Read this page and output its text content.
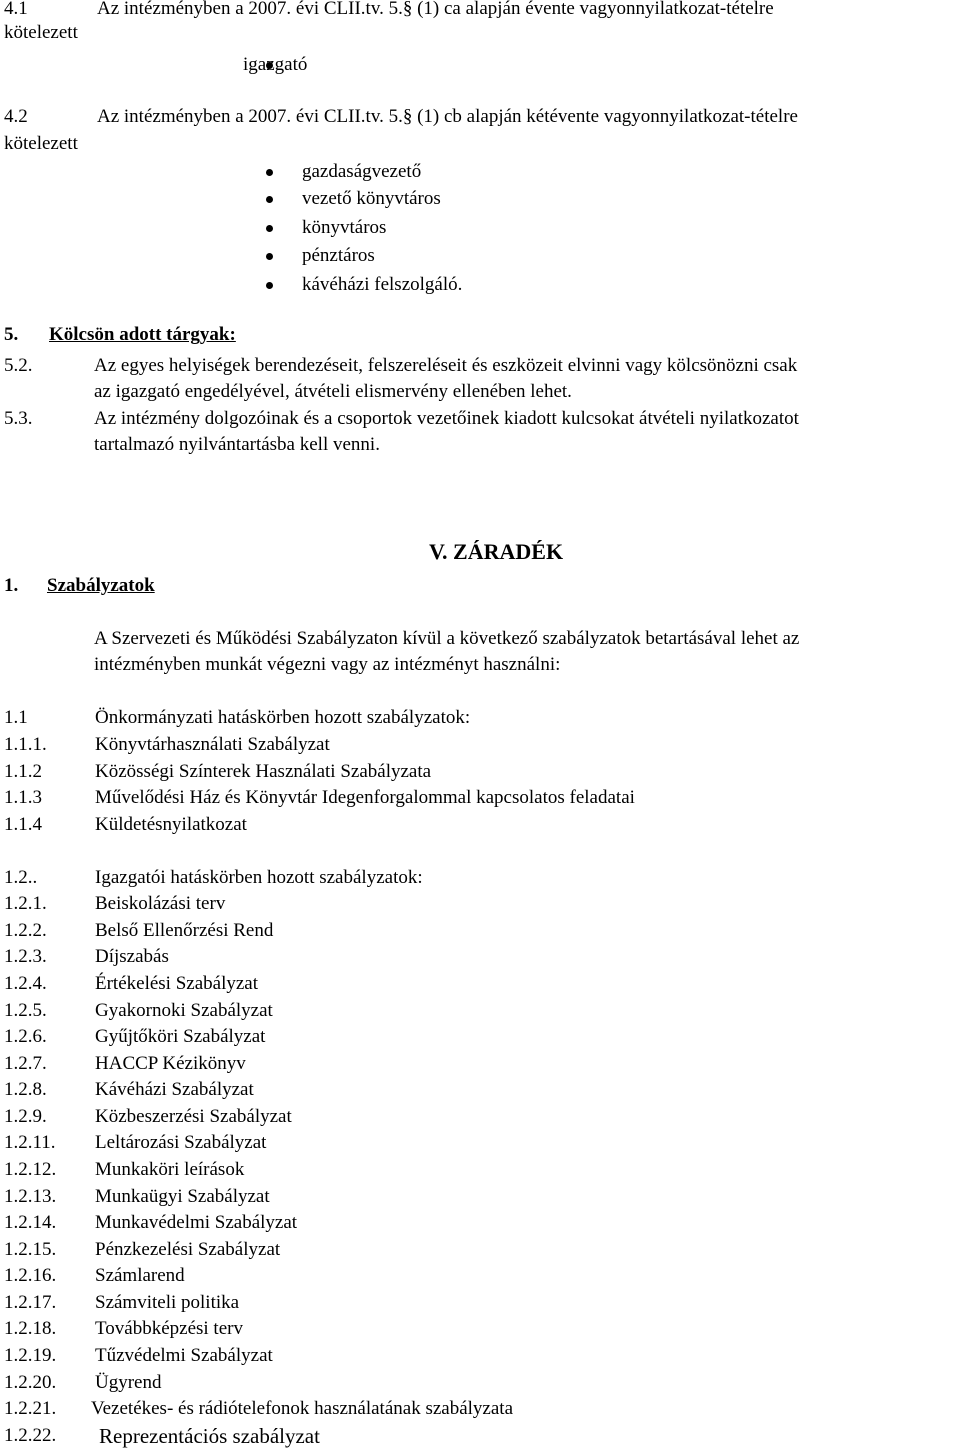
4.1	Az intézményben a 2007. évi CLII.tv. 5.§ (1) ca alapján évente vagyonnyilatkozat-tételre
kötelezett
igazgató
4.2	Az intézményben a 2007. évi CLII.tv. 5.§ (1) cb alapján kétévente vagyonnyilatkozat-tételre
kötelezett
gazdaságvezető
vezető könyvtáros
könyvtáros
pénztáros
kávéházi felszolgáló.
5. Kölcsön adott tárgyak:
5.2.	Az egyes helyiségek berendezéseit, felszereléseit és eszközeit elvinni vagy kölcsönözni csak
az igazgató engedélyével, átvételi elismervény ellenében lehet.
5.3.	Az intézmény dolgozóinak és a csoportok vezetőinek kiadott kulcsokat átvételi nyilatkozatot
tartalmazó nyilvántartásba kell venni.
V. ZÁRADÉK
1. Szabályzatok
A Szervezeti és Működési Szabályzaton kívül a következő szabályzatok betartásával lehet az
intézményben munkát végezni vagy az intézményt használni:
1.1	Önkormányzati hatáskörben hozott szabályzatok:
1.1.1.	Könyvtárhasználati Szabályzat
1.1.2	Közösségi Színterek Használati Szabályzata
1.1.3	Művelődési Ház és Könyvtár Idegenforgalommal kapcsolatos feladatai
1.1.4	Küldetésnyilatkozat
1.2..	Igazgatói hatáskörben hozott szabályzatok:
1.2.1.	Beiskolázási terv
1.2.2.	Belső Ellenőrzési Rend
1.2.3.	Díjszabás
1.2.4.	Értékelési Szabályzat
1.2.5.	Gyakornoki Szabályzat
1.2.6.	Gyűjtőköri Szabályzat
1.2.7.	HACCP Kézikönyv
1.2.8.	Kávéházi Szabályzat
1.2.9.	Közbeszerzési Szabályzat
1.2.11. Leltározási Szabályzat
1.2.12. Munkaköri leírások
1.2.13. Munkaügyi Szabályzat
1.2.14. Munkavédelmi Szabályzat
1.2.15. Pénzkezelési Szabályzat
1.2.16. Számlarend
1.2.17. Számviteli politika
1.2.18. Továbbképzési terv
1.2.19. Tűzvédelmi Szabályzat
1.2.20. Ügyrend
1.2.21. Vezetékes- és rádiótelefonok használatának szabályzata
1.2.22. Reprezentációs szabályzat
